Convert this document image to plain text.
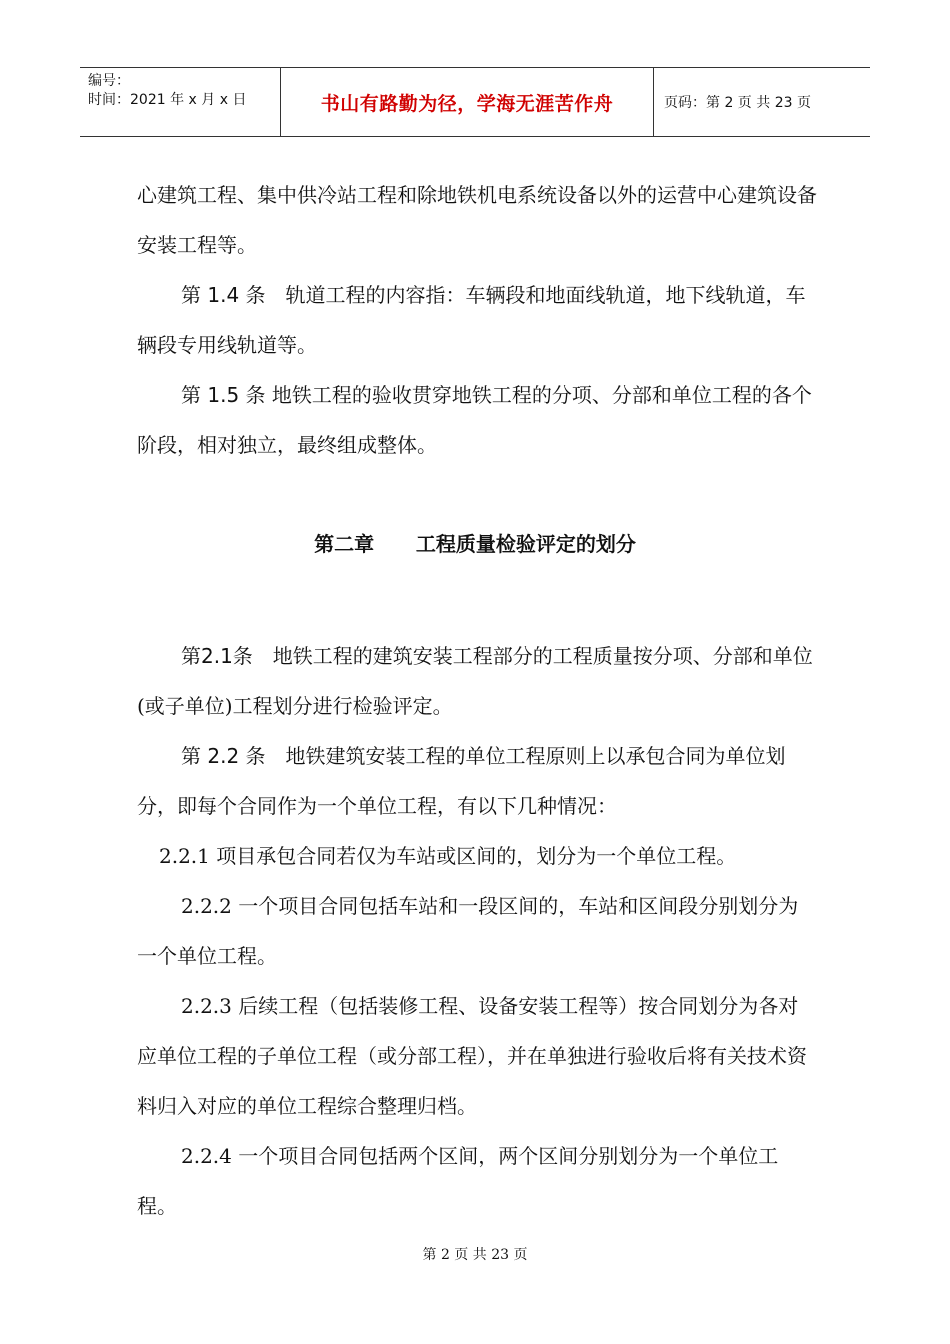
编号：
时间：2021 年 x 月 x 日	书山有路勤为径，学海无涯苦作舟	页码：第 2 页 共 23 页

心建筑工程、集中供冷站工程和除地铁机电系统设备以外的运营中心建筑设备安装工程等。

第 1.4 条　轨道工程的内容指：车辆段和地面线轨道，地下线轨道，车辆段专用线轨道等。

第 1.5 条 地铁工程的验收贯穿地铁工程的分项、分部和单位工程的各个阶段，相对独立，最终组成整体。

第二章      工程质量检验评定的划分

第2.1条　地铁工程的建筑安装工程部分的工程质量按分项、分部和单位(或子单位)工程划分进行检验评定。

第 2.2 条　地铁建筑安装工程的单位工程原则上以承包合同为单位划分，即每个合同作为一个单位工程，有以下几种情况：

2.2.1 项目承包合同若仅为车站或区间的，划分为一个单位工程。

2.2.2 一个项目合同包括车站和一段区间的，车站和区间段分别划分为一个单位工程。

2.2.3 后续工程（包括装修工程、设备安装工程等）按合同划分为各对应单位工程的子单位工程（或分部工程），并在单独进行验收后将有关技术资料归入对应的单位工程综合整理归档。

2.2.4 一个项目合同包括两个区间，两个区间分别划分为一个单位工程。

第 2 页 共 23 页
